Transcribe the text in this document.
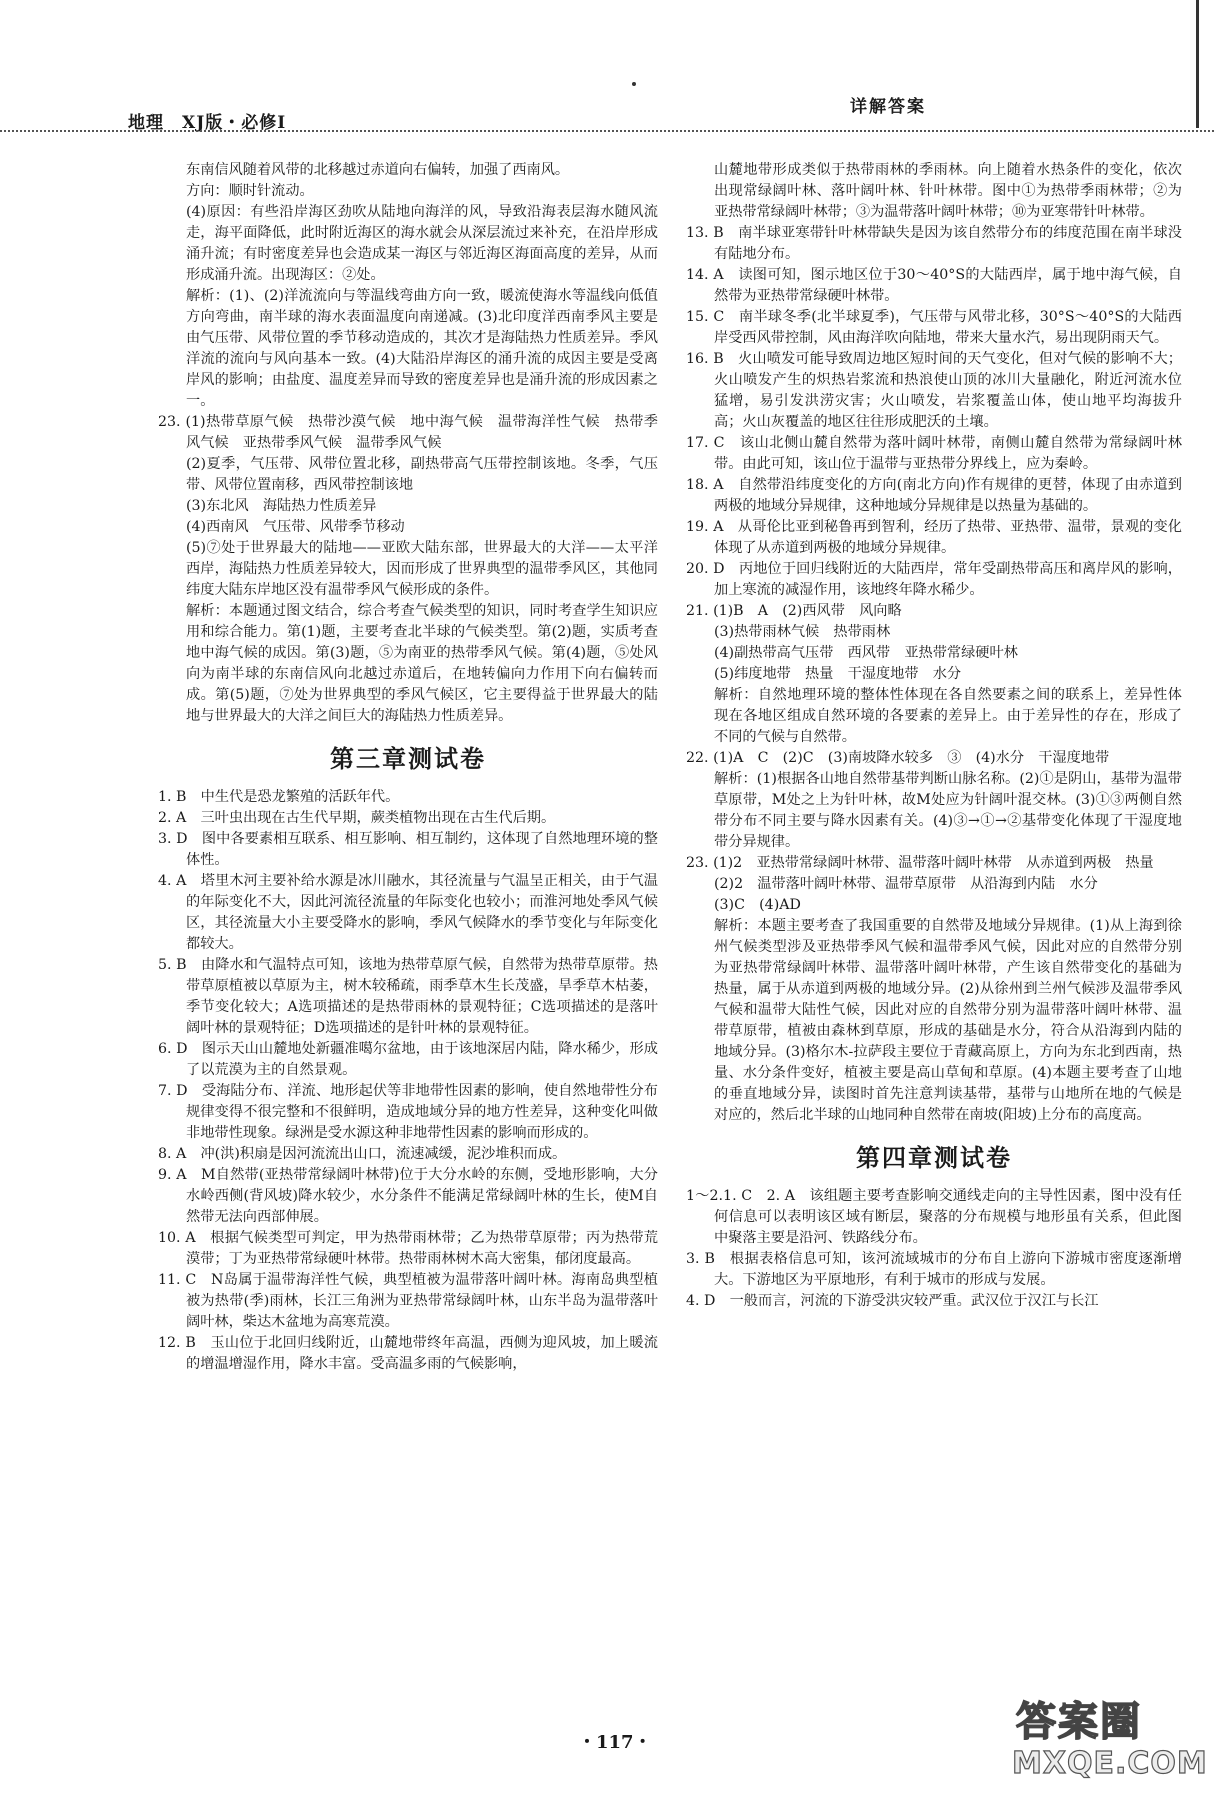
地理　XJ版・必修Ⅰ
详解答案

东南信风随着风带的北移越过赤道向右偏转，加强了西南风。

方向：顺时针流动。

(4)原因：有些沿岸海区劲吹从陆地向海洋的风，导致沿海表层海水随风流走，海平面降低，此时附近海区的海水就会从深层流过来补充，在沿岸形成涌升流；有时密度差异也会造成某一海区与邻近海区海面高度的差异，从而形成涌升流。出现海区：②处。

解析：(1)、(2)洋流流向与等温线弯曲方向一致，暖流使海水等温线向低值方向弯曲，南半球的海水表面温度向南递减。(3)北印度洋西南季风主要是由气压带、风带位置的季节移动造成的，其次才是海陆热力性质差异。季风洋流的流向与风向基本一致。(4)大陆沿岸海区的涌升流的成因主要是受离岸风的影响；由盐度、温度差异而导致的密度差异也是涌升流的形成因素之一。

23. (1)热带草原气候　热带沙漠气候　地中海气候　温带海洋性气候　热带季风气候　亚热带季风气候　温带季风气候

(2)夏季，气压带、风带位置北移，副热带高气压带控制该地。冬季，气压带、风带位置南移，西风带控制该地

(3)东北风　海陆热力性质差异

(4)西南风　气压带、风带季节移动

(5)⑦处于世界最大的陆地——亚欧大陆东部，世界最大的大洋——太平洋西岸，海陆热力性质差异较大，因而形成了世界典型的温带季风区，其他同纬度大陆东岸地区没有温带季风气候形成的条件。

解析：本题通过图文结合，综合考查气候类型的知识，同时考查学生知识应用和综合能力。第(1)题，主要考查北半球的气候类型。第(2)题，实质考查地中海气候的成因。第(3)题，⑤为南亚的热带季风气候。第(4)题，⑤处风向为南半球的东南信风向北越过赤道后，在地转偏向力作用下向右偏转而成。第(5)题，⑦处为世界典型的季风气候区，它主要得益于世界最大的陆地与世界最大的大洋之间巨大的海陆热力性质差异。

第三章测试卷

1. B　中生代是恐龙繁殖的活跃年代。

2. A　三叶虫出现在古生代早期，蕨类植物出现在古生代后期。

3. D　图中各要素相互联系、相互影响、相互制约，这体现了自然地理环境的整体性。

4. A　塔里木河主要补给水源是冰川融水，其径流量与气温呈正相关，由于气温的年际变化不大，因此河流径流量的年际变化也较小；而淮河地处季风气候区，其径流量大小主要受降水的影响，季风气候降水的季节变化与年际变化都较大。

5. B　由降水和气温特点可知，该地为热带草原气候，自然带为热带草原带。热带草原植被以草原为主，树木较稀疏，雨季草木生长茂盛，旱季草木枯萎，季节变化较大；A选项描述的是热带雨林的景观特征；C选项描述的是落叶阔叶林的景观特征；D选项描述的是针叶林的景观特征。

6. D　图示天山山麓地处新疆准噶尔盆地，由于该地深居内陆，降水稀少，形成了以荒漠为主的自然景观。

7. D　受海陆分布、洋流、地形起伏等非地带性因素的影响，使自然地带性分布规律变得不很完整和不很鲜明，造成地域分异的地方性差异，这种变化叫做非地带性现象。绿洲是受水源这种非地带性因素的影响而形成的。

8. A　冲(洪)积扇是因河流流出山口，流速减缓，泥沙堆积而成。

9. A　M自然带(亚热带常绿阔叶林带)位于大分水岭的东侧，受地形影响，大分水岭西侧(背风坡)降水较少，水分条件不能满足常绿阔叶林的生长，使M自然带无法向西部伸展。

10. A　根据气候类型可判定，甲为热带雨林带；乙为热带草原带；丙为热带荒漠带；丁为亚热带常绿硬叶林带。热带雨林树木高大密集，郁闭度最高。

11. C　N岛属于温带海洋性气候，典型植被为温带落叶阔叶林。海南岛典型植被为热带(季)雨林，长江三角洲为亚热带常绿阔叶林，山东半岛为温带落叶阔叶林，柴达木盆地为高寒荒漠。

12. B　玉山位于北回归线附近，山麓地带终年高温，西侧为迎风坡，加上暖流的增温增湿作用，降水丰富。受高温多雨的气候影响，

山麓地带形成类似于热带雨林的季雨林。向上随着水热条件的变化，依次出现常绿阔叶林、落叶阔叶林、针叶林带。图中①为热带季雨林带；②为亚热带常绿阔叶林带；③为温带落叶阔叶林带；⑩为亚寒带针叶林带。

13. B　南半球亚寒带针叶林带缺失是因为该自然带分布的纬度范围在南半球没有陆地分布。

14. A　读图可知，图示地区位于30～40°S的大陆西岸，属于地中海气候，自然带为亚热带常绿硬叶林带。

15. C　南半球冬季(北半球夏季)，气压带与风带北移，30°S～40°S的大陆西岸受西风带控制，风由海洋吹向陆地，带来大量水汽，易出现阴雨天气。

16. B　火山喷发可能导致周边地区短时间的天气变化，但对气候的影响不大；火山喷发产生的炽热岩浆流和热浪使山顶的冰川大量融化，附近河流水位猛增，易引发洪涝灾害；火山喷发，岩浆覆盖山体，使山地平均海拔升高；火山灰覆盖的地区往往形成肥沃的土壤。

17. C　该山北侧山麓自然带为落叶阔叶林带，南侧山麓自然带为常绿阔叶林带。由此可知，该山位于温带与亚热带分界线上，应为秦岭。

18. A　自然带沿纬度变化的方向(南北方向)作有规律的更替，体现了由赤道到两极的地域分异规律，这种地域分异规律是以热量为基础的。

19. A　从哥伦比亚到秘鲁再到智利，经历了热带、亚热带、温带，景观的变化体现了从赤道到两极的地域分异规律。

20. D　丙地位于回归线附近的大陆西岸，常年受副热带高压和离岸风的影响，加上寒流的减湿作用，该地终年降水稀少。

21. (1)B　A　(2)西风带　风向略

(3)热带雨林气候　热带雨林

(4)副热带高气压带　西风带　亚热带常绿硬叶林

(5)纬度地带　热量　干湿度地带　水分

解析：自然地理环境的整体性体现在各自然要素之间的联系上，差异性体现在各地区组成自然环境的各要素的差异上。由于差异性的存在，形成了不同的气候与自然带。

22. (1)A　C　(2)C　(3)南坡降水较多　③　(4)水分　干湿度地带

解析：(1)根据各山地自然带基带判断山脉名称。(2)①是阴山，基带为温带草原带，M处之上为针叶林，故M处应为针阔叶混交林。(3)①③两侧自然带分布不同主要与降水因素有关。(4)③→①→②基带变化体现了干湿度地带分异规律。

23. (1)2　亚热带常绿阔叶林带、温带落叶阔叶林带　从赤道到两极　热量

(2)2　温带落叶阔叶林带、温带草原带　从沿海到内陆　水分

(3)C　(4)AD

解析：本题主要考查了我国重要的自然带及地域分异规律。(1)从上海到徐州气候类型涉及亚热带季风气候和温带季风气候，因此对应的自然带分别为亚热带常绿阔叶林带、温带落叶阔叶林带，产生该自然带变化的基础为热量，属于从赤道到两极的地域分异。(2)从徐州到兰州气候涉及温带季风气候和温带大陆性气候，因此对应的自然带分别为温带落叶阔叶林带、温带草原带，植被由森林到草原，形成的基础是水分，符合从沿海到内陆的地域分异。(3)格尔木-拉萨段主要位于青藏高原上，方向为东北到西南，热量、水分条件变好，植被主要是高山草甸和草原。(4)本题主要考查了山地的垂直地域分异，读图时首先注意判读基带，基带与山地所在地的气候是对应的，然后北半球的山地同种自然带在南坡(阳坡)上分布的高度高。

第四章测试卷

1～2.1. C　2. A　该组题主要考查影响交通线走向的主导性因素，图中没有任何信息可以表明该区域有断层，聚落的分布规模与地形虽有关系，但此图中聚落主要是沿河、铁路线分布。

3. B　根据表格信息可知，该河流域城市的分布自上游向下游城市密度逐渐增大。下游地区为平原地形，有利于城市的形成与发展。

4. D　一般而言，河流的下游受洪灾较严重。武汉位于汉江与长江

・117・	答案圈
MXQE.COM
